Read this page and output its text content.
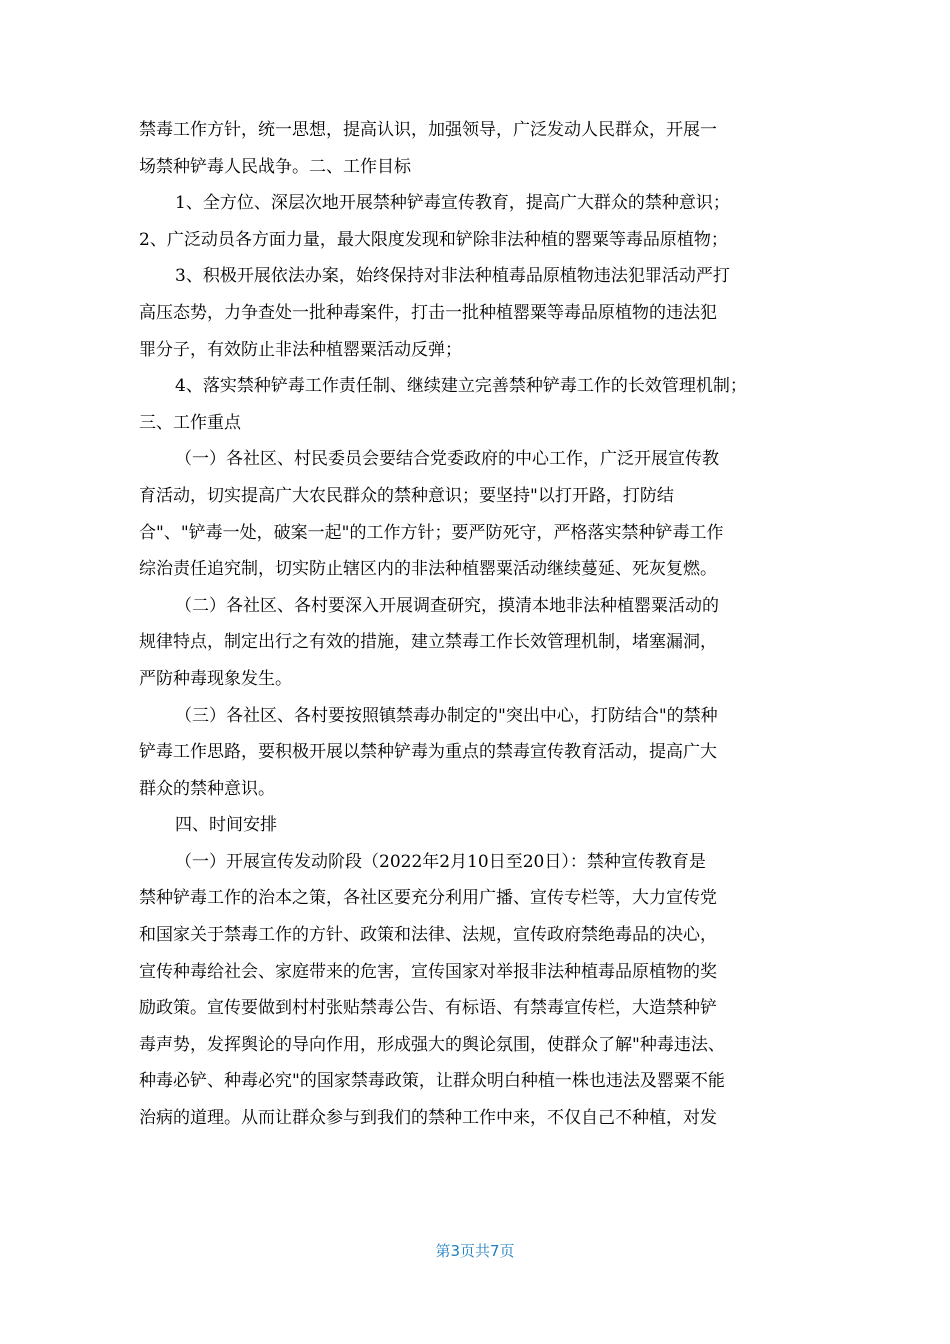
禁毒工作方针，统一思想，提高认识，加强领导，广泛发动人民群众，开展一
场禁种铲毒人民战争。二、工作目标
1、全方位、深层次地开展禁种铲毒宣传教育，提高广大群众的禁种意识；
2、广泛动员各方面力量，最大限度发现和铲除非法种植的罂粟等毒品原植物；
3、积极开展依法办案，始终保持对非法种植毒品原植物违法犯罪活动严打
高压态势，力争查处一批种毒案件，打击一批种植罂粟等毒品原植物的违法犯
罪分子，有效防止非法种植罂粟活动反弹；
4、落实禁种铲毒工作责任制、继续建立完善禁种铲毒工作的长效管理机制；
三、工作重点
（一）各社区、村民委员会要结合党委政府的中心工作，广泛开展宣传教
育活动，切实提高广大农民群众的禁种意识；要坚持"以打开路，打防结
合"、"铲毒一处，破案一起"的工作方针；要严防死守，严格落实禁种铲毒工作
综治责任追究制，切实防止辖区内的非法种植罂粟活动继续蔓延、死灰复燃。
（二）各社区、各村要深入开展调查研究，摸清本地非法种植罂粟活动的
规律特点，制定出行之有效的措施，建立禁毒工作长效管理机制，堵塞漏洞，
严防种毒现象发生。
（三）各社区、各村要按照镇禁毒办制定的"突出中心，打防结合"的禁种
铲毒工作思路，要积极开展以禁种铲毒为重点的禁毒宣传教育活动，提高广大
群众的禁种意识。
四、时间安排
（一）开展宣传发动阶段（2022年2月10日至20日）：禁种宣传教育是
禁种铲毒工作的治本之策，各社区要充分利用广播、宣传专栏等，大力宣传党
和国家关于禁毒工作的方针、政策和法律、法规，宣传政府禁绝毒品的决心，
宣传种毒给社会、家庭带来的危害，宣传国家对举报非法种植毒品原植物的奖
励政策。宣传要做到村村张贴禁毒公告、有标语、有禁毒宣传栏，大造禁种铲
毒声势，发挥舆论的导向作用，形成强大的舆论氛围，使群众了解"种毒违法、
种毒必铲、种毒必究"的国家禁毒政策，让群众明白种植一株也违法及罂粟不能
治病的道理。从而让群众参与到我们的禁种工作中来，不仅自己不种植，对发
第3页共7页
